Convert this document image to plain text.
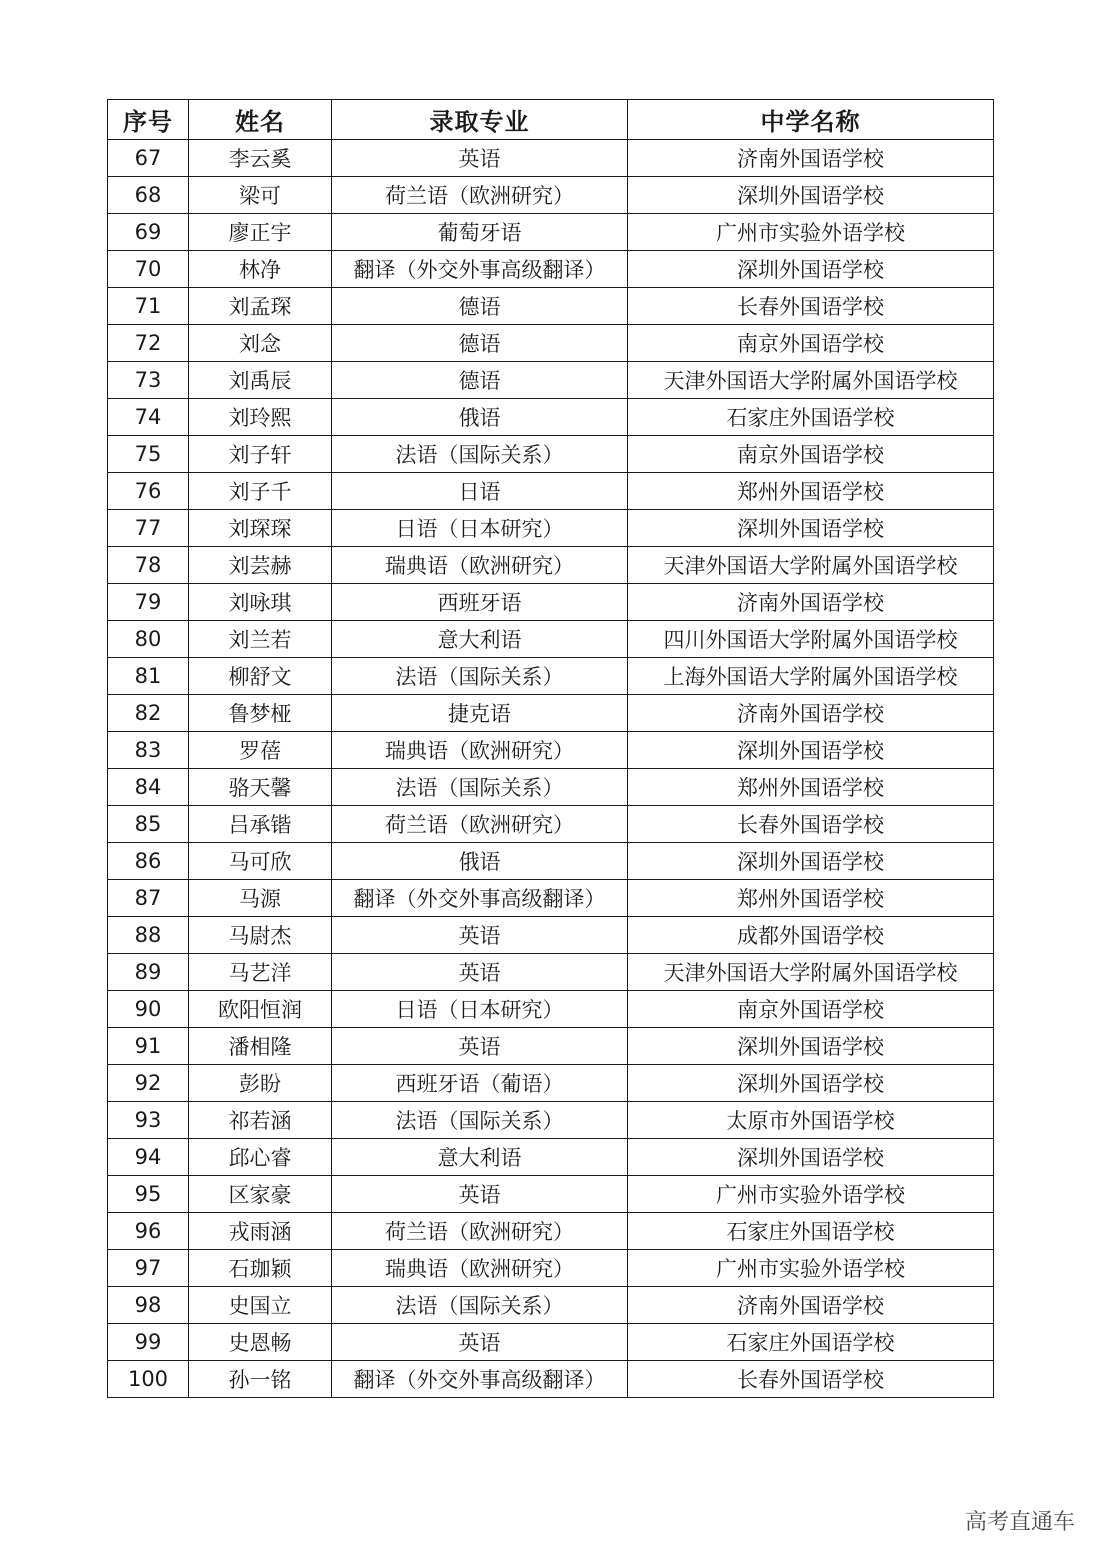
序号	姓名	录取专业	中学名称
67	李云奚	英语	济南外国语学校
68	梁可	荷兰语（欧洲研究）	深圳外国语学校
69	廖正宇	葡萄牙语	广州市实验外语学校
70	林净	翻译（外交外事高级翻译）	深圳外国语学校
71	刘孟琛	德语	长春外国语学校
72	刘念	德语	南京外国语学校
73	刘禹辰	德语	天津外国语大学附属外国语学校
74	刘玲熙	俄语	石家庄外国语学校
75	刘子轩	法语（国际关系）	南京外国语学校
76	刘子千	日语	郑州外国语学校
77	刘琛琛	日语（日本研究）	深圳外国语学校
78	刘芸赫	瑞典语（欧洲研究）	天津外国语大学附属外国语学校
79	刘咏琪	西班牙语	济南外国语学校
80	刘兰若	意大利语	四川外国语大学附属外国语学校
81	柳舒文	法语（国际关系）	上海外国语大学附属外国语学校
82	鲁梦桠	捷克语	济南外国语学校
83	罗蓓	瑞典语（欧洲研究）	深圳外国语学校
84	骆天馨	法语（国际关系）	郑州外国语学校
85	吕承锴	荷兰语（欧洲研究）	长春外国语学校
86	马可欣	俄语	深圳外国语学校
87	马源	翻译（外交外事高级翻译）	郑州外国语学校
88	马尉杰	英语	成都外国语学校
89	马艺洋	英语	天津外国语大学附属外国语学校
90	欧阳恒润	日语（日本研究）	南京外国语学校
91	潘相隆	英语	深圳外国语学校
92	彭盼	西班牙语（葡语）	深圳外国语学校
93	祁若涵	法语（国际关系）	太原市外国语学校
94	邱心睿	意大利语	深圳外国语学校
95	区家豪	英语	广州市实验外语学校
96	戎雨涵	荷兰语（欧洲研究）	石家庄外国语学校
97	石珈颖	瑞典语（欧洲研究）	广州市实验外语学校
98	史国立	法语（国际关系）	济南外国语学校
99	史恩畅	英语	石家庄外国语学校
100	孙一铭	翻译（外交外事高级翻译）	长春外国语学校
高考直通车
